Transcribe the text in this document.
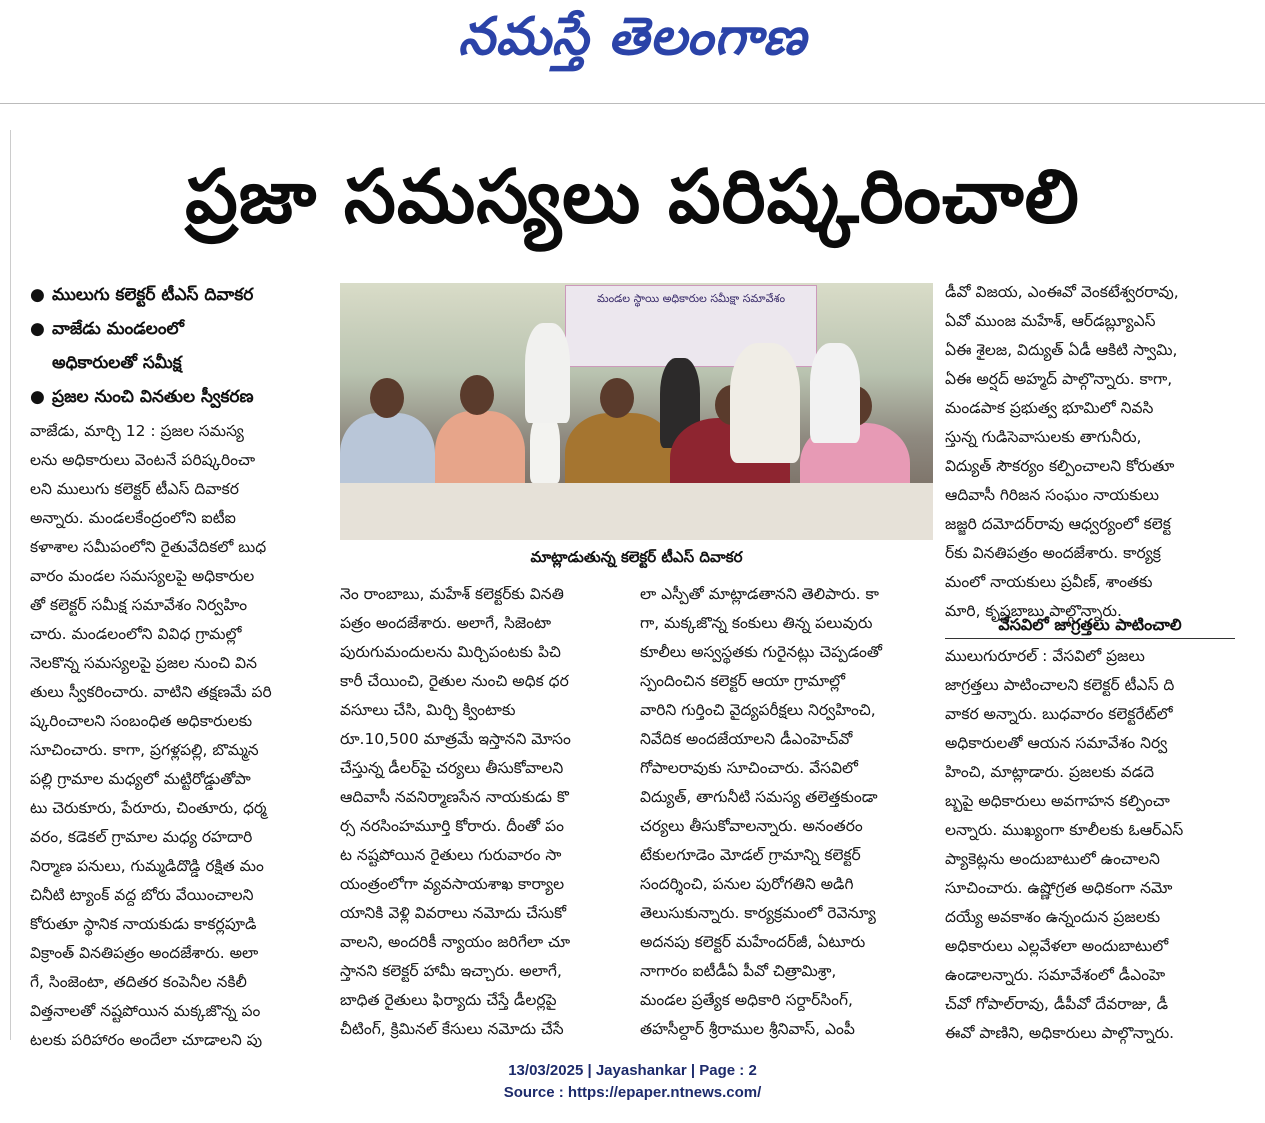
నమస్తే తెలంగాణ
ప్రజా సమస్యలు పరిష్కరించాలి
● ములుగు కలెక్టర్ టీఎస్ దివాకర
● వాజేడు మండలంలో
అధికారులతో సమీక్ష
● ప్రజల నుంచి వినతుల స్వీకరణ
వాజేడు, మార్చి 12 : ప్రజల సమస్య
లను అధికారులు వెంటనే పరిష్కరించా
లని ములుగు కలెక్టర్ టీఎస్ దివాకర
అన్నారు. మండలకేంద్రంలోని ఐటీఐ
కళాశాల సమీపంలోని రైతువేదికలో బుధ
వారం మండల సమస్యలపై అధికారుల
తో కలెక్టర్ సమీక్ష సమావేశం నిర్వహిం
చారు. మండలంలోని వివిధ గ్రామల్లో
నెలకొన్న సమస్యలపై ప్రజల నుంచి విన
తులు స్వీకరించారు. వాటిని తక్షణమే పరి
ష్కరించాలని సంబంధిత అధికారులకు
సూచించారు. కాగా, ప్రగళ్లపల్లి, బొమ్మన
పల్లి గ్రామాల మధ్యలో మట్టిరోడ్డుతోపా
టు చెరుకూరు, పేరూరు, చింతూరు, ధర్మ
వరం, కడెకల్ గ్రామాల మధ్య రహదారి
నిర్మాణ పనులు, గుమ్మడిదొడ్డి రక్షిత మం
చినీటి ట్యాంక్ వద్ద బోరు వేయించాలని
కోరుతూ స్థానిక నాయకుడు కాకర్లపూడి
విక్రాంత్ వినతిపత్రం అందజేశారు. అలా
గే, సింజెంటా, తదితర కంపెనీల నకిలీ
విత్తనాలతో నష్టపోయిన మక్కజొన్న పం
టలకు పరిహారం అందేలా చూడాలని పు
నెం రాంబాబు, మహేశ్ కలెక్టర్‌కు వినతి
పత్రం అందజేశారు. అలాగే, సిజెంటా
పురుగుమందులను మిర్చిపంటకు పిచి
కారీ చేయించి, రైతుల నుంచి అధిక ధర
వసూలు చేసి, మిర్చి క్వింటాకు
రూ.10,500 మాత్రమే ఇస్తానని మోసం
చేస్తున్న డీలర్‌పై చర్యలు తీసుకోవాలని
ఆదివాసీ నవనిర్మాణసేన నాయకుడు కొ
ర్స నరసింహమూర్తి కోరారు. దీంతో పం
ట నష్టపోయిన రైతులు గురువారం సా
యంత్రంలోగా వ్యవసాయశాఖ కార్యాల
యానికి వెళ్లి వివరాలు నమోదు చేసుకో
వాలని, అందరికీ న్యాయం జరిగేలా చూ
స్తానని కలెక్టర్ హామీ ఇచ్చారు. అలాగే,
బాధిత రైతులు ఫిర్యాదు చేస్తే డీలర్లపై
చీటింగ్, క్రిమినల్ కేసులు నమోదు చేసే
లా ఎస్పీతో మాట్లాడతానని తెలిపారు. కా
గా, మక్కజొన్న కంకులు తిన్న పలువురు
కూలీలు అస్వస్థతకు గురైనట్లు చెప్పడంతో
స్పందించిన కలెక్టర్ ఆయా గ్రామాల్లో
వారిని గుర్తించి వైద్యపరీక్షలు నిర్వహించి,
నివేదిక అందజేయాలని డీఎంహెచ్‌వో
గోపాలరావుకు సూచించారు. వేసవిలో
విద్యుత్, తాగునీటి సమస్య తలెత్తకుండా
చర్యలు తీసుకోవాలన్నారు. అనంతరం
టేకులగూడెం మోడల్ గ్రామాన్ని కలెక్టర్
సందర్శించి, పనుల పురోగతిని అడిగి
తెలుసుకున్నారు. కార్యక్రమంలో రెవెన్యూ
అదనపు కలెక్టర్ మహేందర్‌జీ, ఏటూరు
నాగారం ఐటీడీఏ పీవో చిత్రామిశ్రా,
మండల ప్రత్యేక అధికారి సర్దార్‌సింగ్,
తహసీల్దార్ శ్రీరాముల శ్రీనివాస్, ఎంపీ
డీవో విజయ, ఎంఈవో వెంకటేశ్వరరావు,
ఏవో ముంజ మహేశ్, ఆర్‌డబ్ల్యూఎస్
ఏఈ శైలజ, విద్యుత్ ఏడీ ఆకిటి స్వామి,
ఏఈ అర్షద్ అహ్మద్ పాల్గొన్నారు. కాగా,
మండపాక ప్రభుత్వ భూమిలో నివసి
స్తున్న గుడిసెవాసులకు తాగునీరు,
విద్యుత్ సౌకర్యం కల్పించాలని కోరుతూ
ఆదివాసీ గిరిజన సంఘం నాయకులు
జజ్జరి దమోదర్‌రావు ఆధ్వర్యంలో కలెక్ట
ర్‌కు వినతిపత్రం అందజేశారు. కార్యక్ర
మంలో నాయకులు ప్రవీణ్, శాంతకు
మారి, కృష్ణబాబు పాల్గొన్నారు.
వేసవిలో జాగ్రత్తలు పాటించాలి
ములుగురూరల్ : వేసవిలో ప్రజలు
జాగ్రత్తలు పాటించాలని కలెక్టర్ టీఎస్ ది
వాకర అన్నారు. బుధవారం కలెక్టరేట్‌లో
అధికారులతో ఆయన సమావేశం నిర్వ
హించి, మాట్లాడారు. ప్రజలకు వడదె
బ్బపై అధికారులు అవగాహన కల్పించా
లన్నారు. ముఖ్యంగా కూలీలకు ఓఆర్‌ఎస్
ప్యాకెట్లను అందుబాటులో ఉంచాలని
సూచించారు. ఉష్ణోగ్రత అధికంగా నమో
దయ్యే అవకాశం ఉన్నందున ప్రజలకు
అధికారులు ఎల్లవేళలా అందుబాటులో
ఉండాలన్నారు. సమావేశంలో డీఎంహె
చ్‌వో గోపాల్‌రావు, డీపీవో దేవరాజు, డీ
ఈవో పాణిని, అధికారులు పాల్గొన్నారు.
మండల స్థాయి అధికారుల సమీక్షా సమావేశం
మాట్లాడుతున్న కలెక్టర్ టీఎస్ దివాకర
13/03/2025 | Jayashankar | Page : 2
Source : https://epaper.ntnews.com/
